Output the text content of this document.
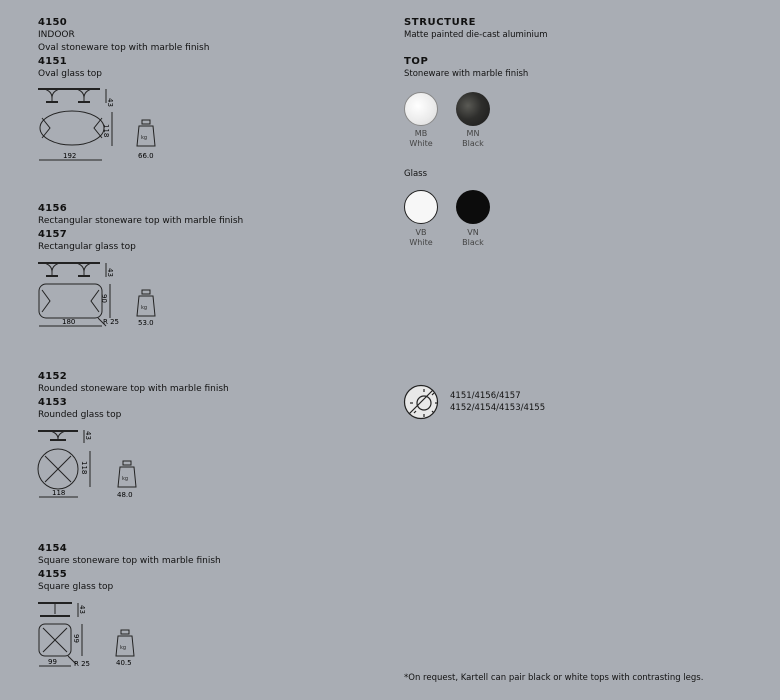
4150
INDOOR
Oval stoneware top with marble finish
4151
Oval glass top
43
118
192
kg
66.0
4156
Rectangular stoneware top with marble finish
4157
Rectangular glass top
43
90
180	R 25
kg
53.0
4152
Rounded stoneware top with marble finish
4153
Rounded glass top
43
118
118
kg
48.0
4154
Square stoneware top with marble finish
4155
Square glass top
43
99
99 R 25
kg
40.5
STRUCTURE
Matte painted die-cast aluminium
TOP
Stoneware with marble finish
MB
White
MN
Black
Glass
VB
White
VN
Black
4151/4156/4157
4152/4154/4153/4155
*On request, Kartell can pair black or white tops with contrasting legs.
